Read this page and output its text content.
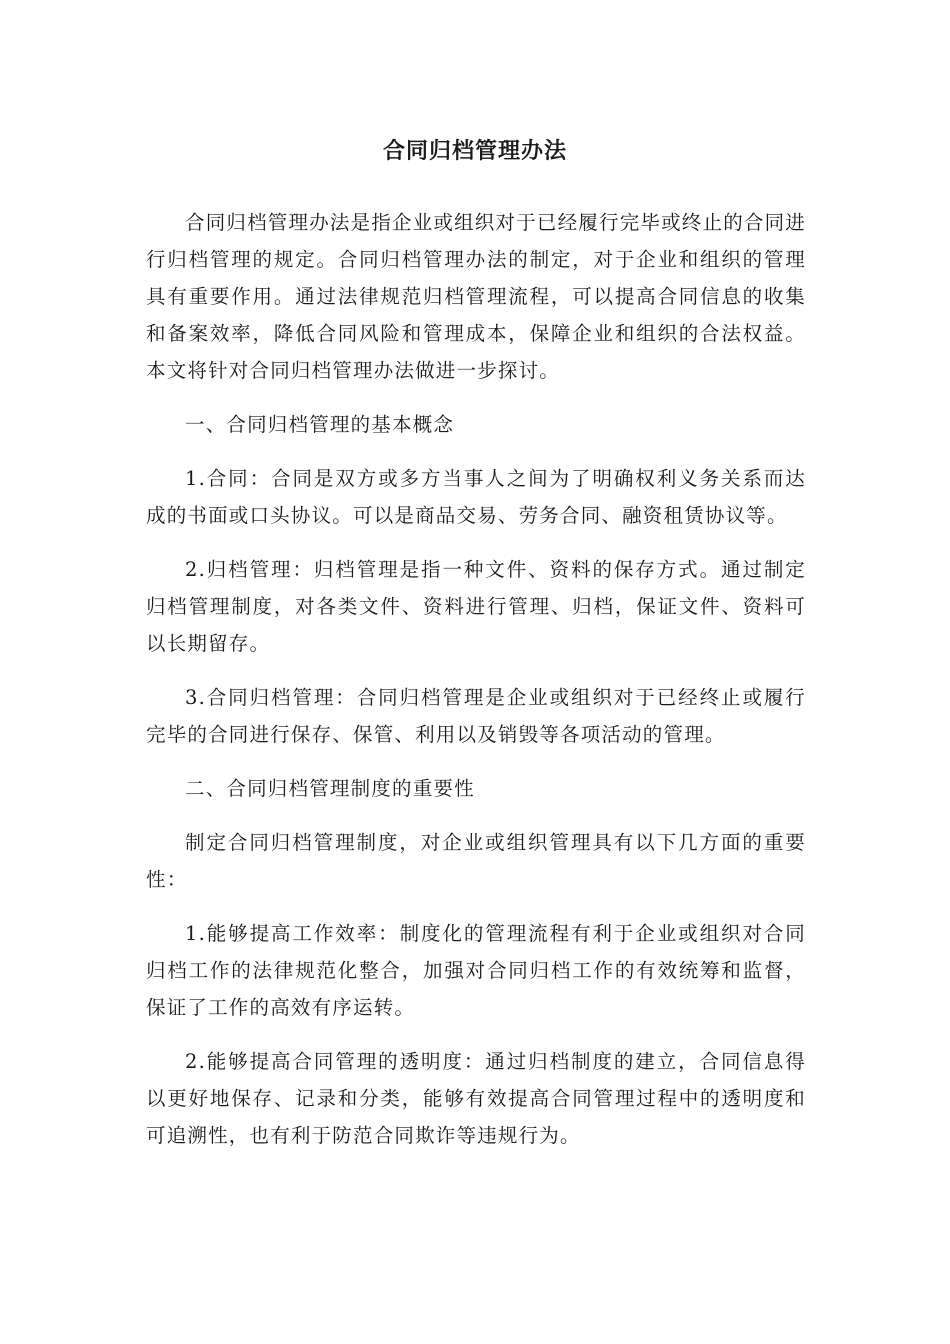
合同归档管理办法

合同归档管理办法是指企业或组织对于已经履行完毕或终止的合同进行归档管理的规定。合同归档管理办法的制定，对于企业和组织的管理具有重要作用。通过法律规范归档管理流程，可以提高合同信息的收集和备案效率，降低合同风险和管理成本，保障企业和组织的合法权益。本文将针对合同归档管理办法做进一步探讨。

一、合同归档管理的基本概念

1.合同：合同是双方或多方当事人之间为了明确权利义务关系而达成的书面或口头协议。可以是商品交易、劳务合同、融资租赁协议等。

2.归档管理：归档管理是指一种文件、资料的保存方式。通过制定归档管理制度，对各类文件、资料进行管理、归档，保证文件、资料可以长期留存。

3.合同归档管理：合同归档管理是企业或组织对于已经终止或履行完毕的合同进行保存、保管、利用以及销毁等各项活动的管理。

二、合同归档管理制度的重要性

制定合同归档管理制度，对企业或组织管理具有以下几方面的重要性：

1.能够提高工作效率：制度化的管理流程有利于企业或组织对合同归档工作的法律规范化整合，加强对合同归档工作的有效统筹和监督，保证了工作的高效有序运转。

2.能够提高合同管理的透明度：通过归档制度的建立，合同信息得以更好地保存、记录和分类，能够有效提高合同管理过程中的透明度和可追溯性，也有利于防范合同欺诈等违规行为。
